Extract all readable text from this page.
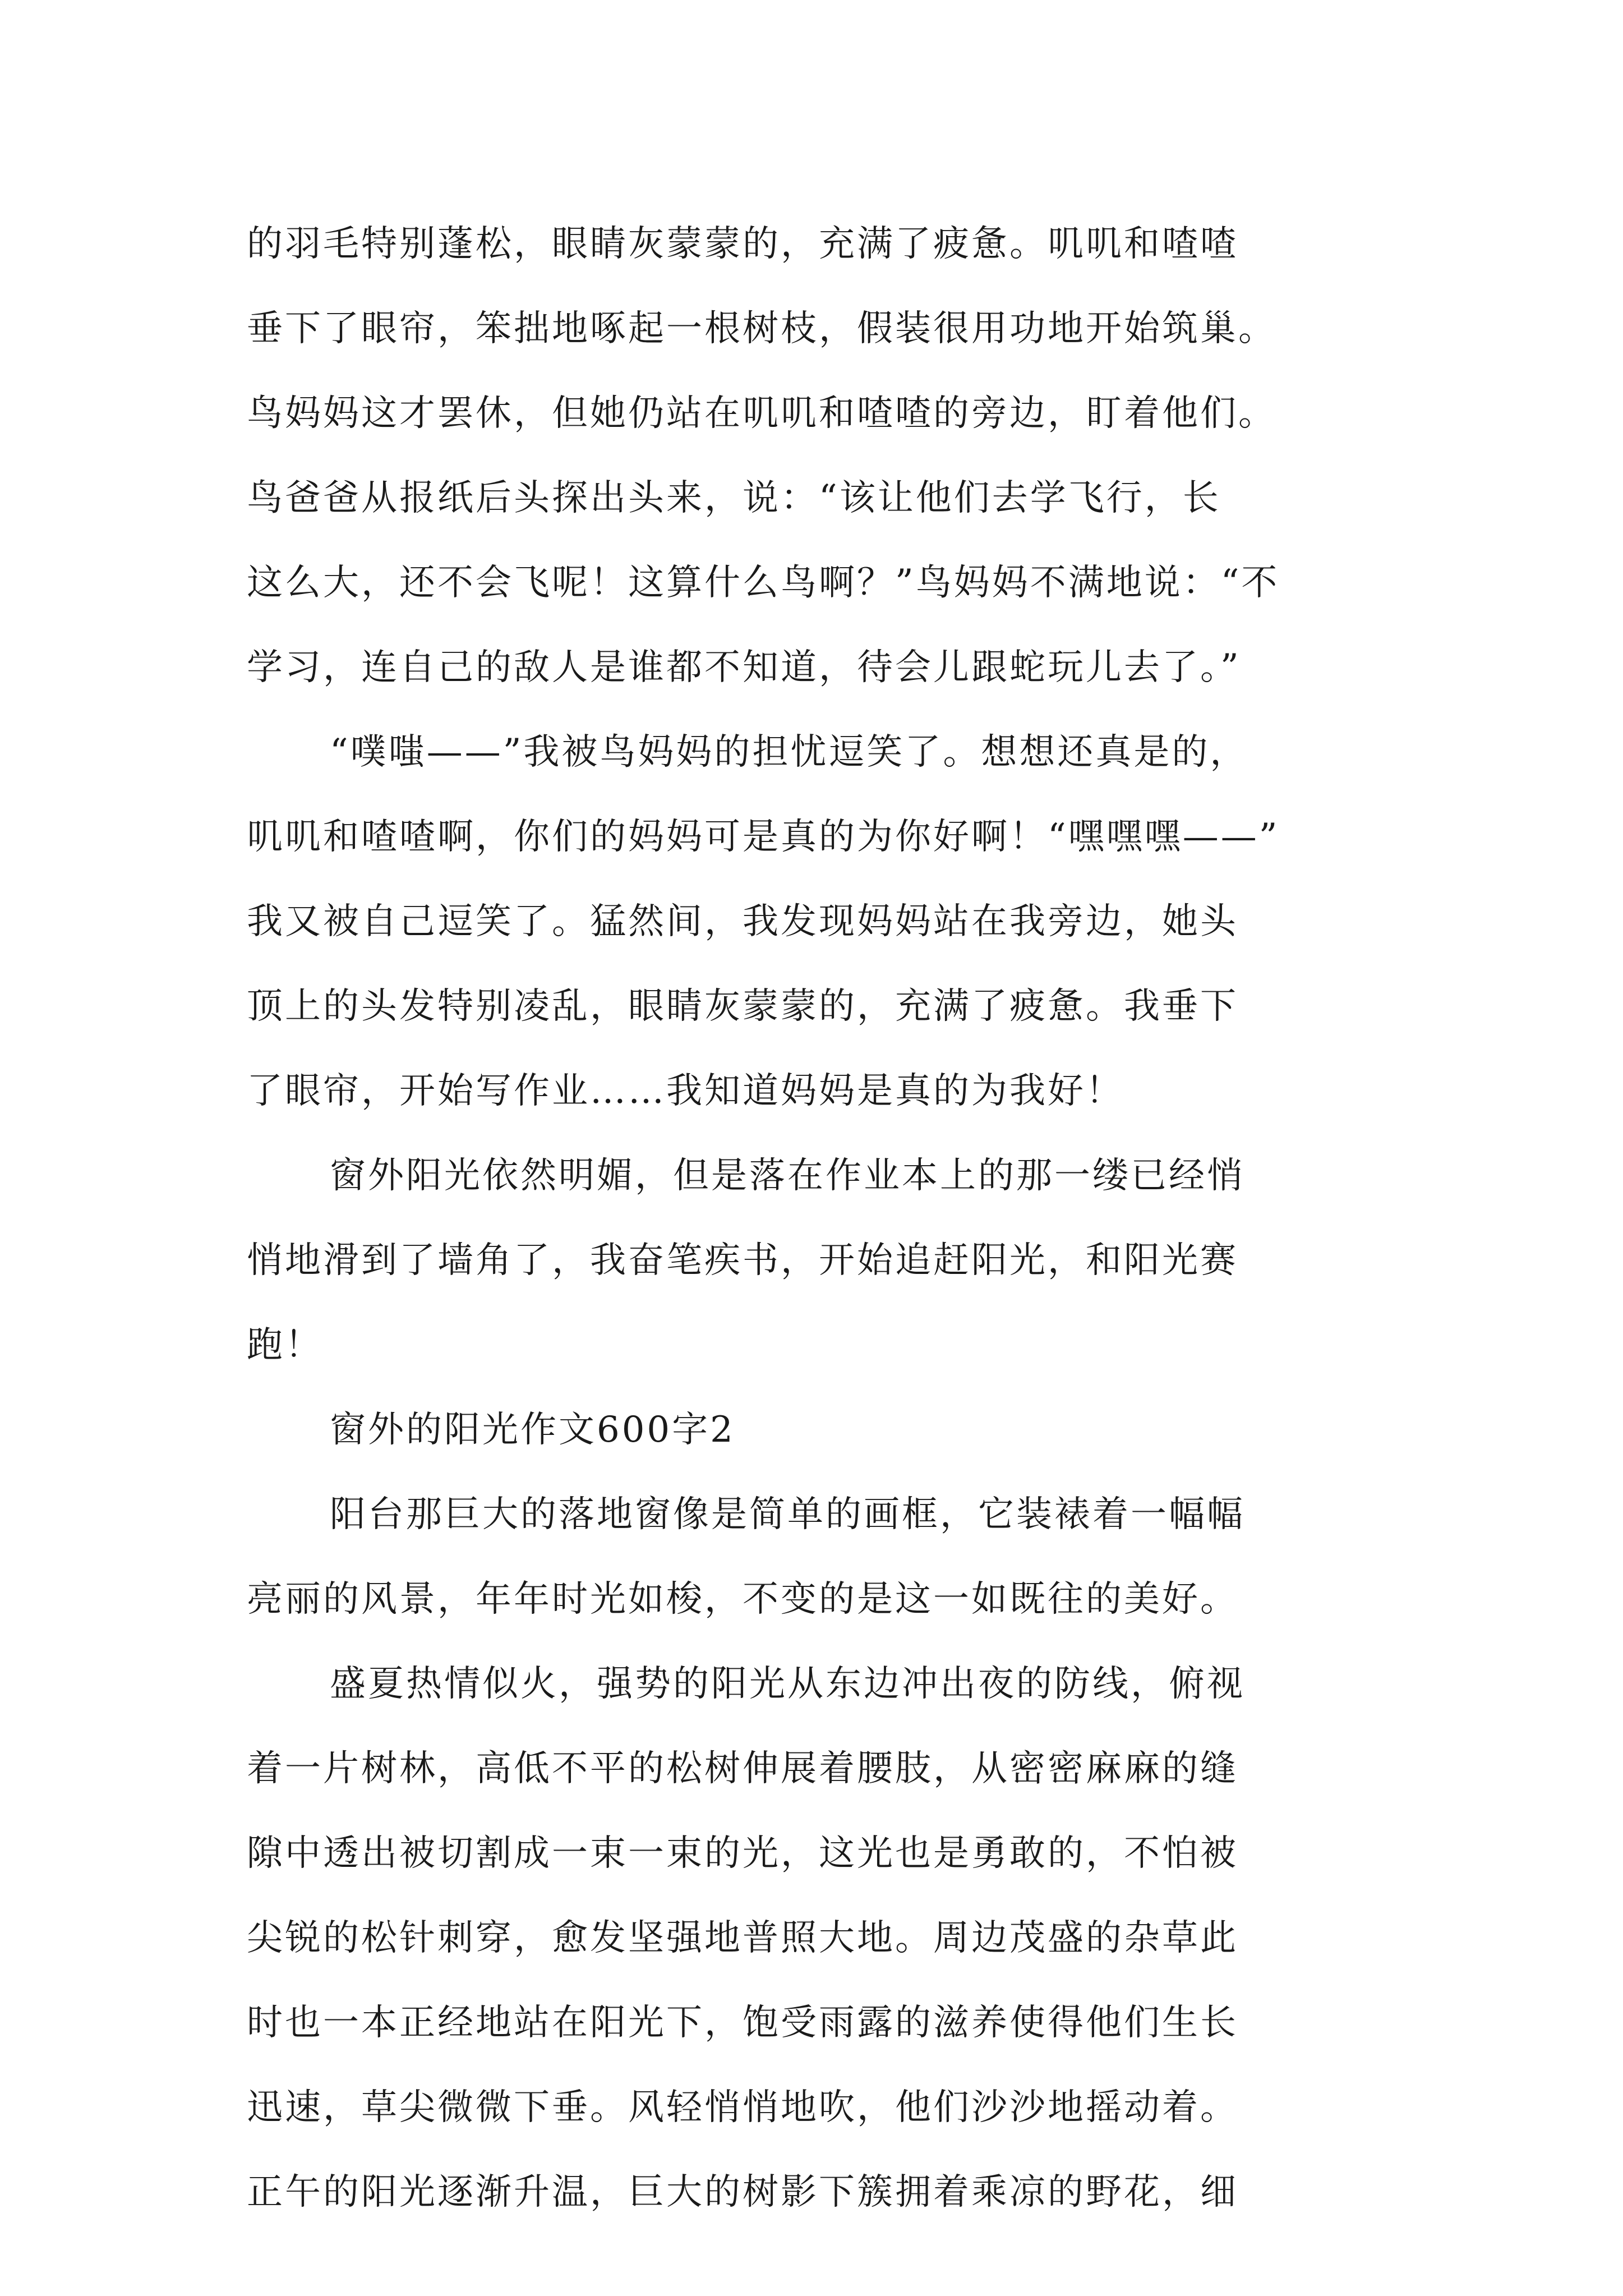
的羽毛特别蓬松，眼睛灰蒙蒙的，充满了疲惫。叽叽和喳喳
垂下了眼帘，笨拙地啄起一根树枝，假装很用功地开始筑巢。
鸟妈妈这才罢休，但她仍站在叽叽和喳喳的旁边，盯着他们。
鸟爸爸从报纸后头探出头来，说：“该让他们去学飞行，长
这么大，还不会飞呢！这算什么鸟啊？”鸟妈妈不满地说：“不
学习，连自己的敌人是谁都不知道，待会儿跟蛇玩儿去了。”
“噗嗤——”我被鸟妈妈的担忧逗笑了。想想还真是的，
叽叽和喳喳啊，你们的妈妈可是真的为你好啊！“嘿嘿嘿——”
我又被自己逗笑了。猛然间，我发现妈妈站在我旁边，她头
顶上的头发特别凌乱，眼睛灰蒙蒙的，充满了疲惫。我垂下
了眼帘，开始写作业……我知道妈妈是真的为我好！
窗外阳光依然明媚，但是落在作业本上的那一缕已经悄
悄地滑到了墙角了，我奋笔疾书，开始追赶阳光，和阳光赛
跑！
窗外的阳光作文600字2
阳台那巨大的落地窗像是简单的画框，它装裱着一幅幅
亮丽的风景，年年时光如梭，不变的是这一如既往的美好。
盛夏热情似火，强势的阳光从东边冲出夜的防线，俯视
着一片树林，高低不平的松树伸展着腰肢，从密密麻麻的缝
隙中透出被切割成一束一束的光，这光也是勇敢的，不怕被
尖锐的松针刺穿，愈发坚强地普照大地。周边茂盛的杂草此
时也一本正经地站在阳光下，饱受雨露的滋养使得他们生长
迅速，草尖微微下垂。风轻悄悄地吹，他们沙沙地摇动着。
正午的阳光逐渐升温，巨大的树影下簇拥着乘凉的野花，细
